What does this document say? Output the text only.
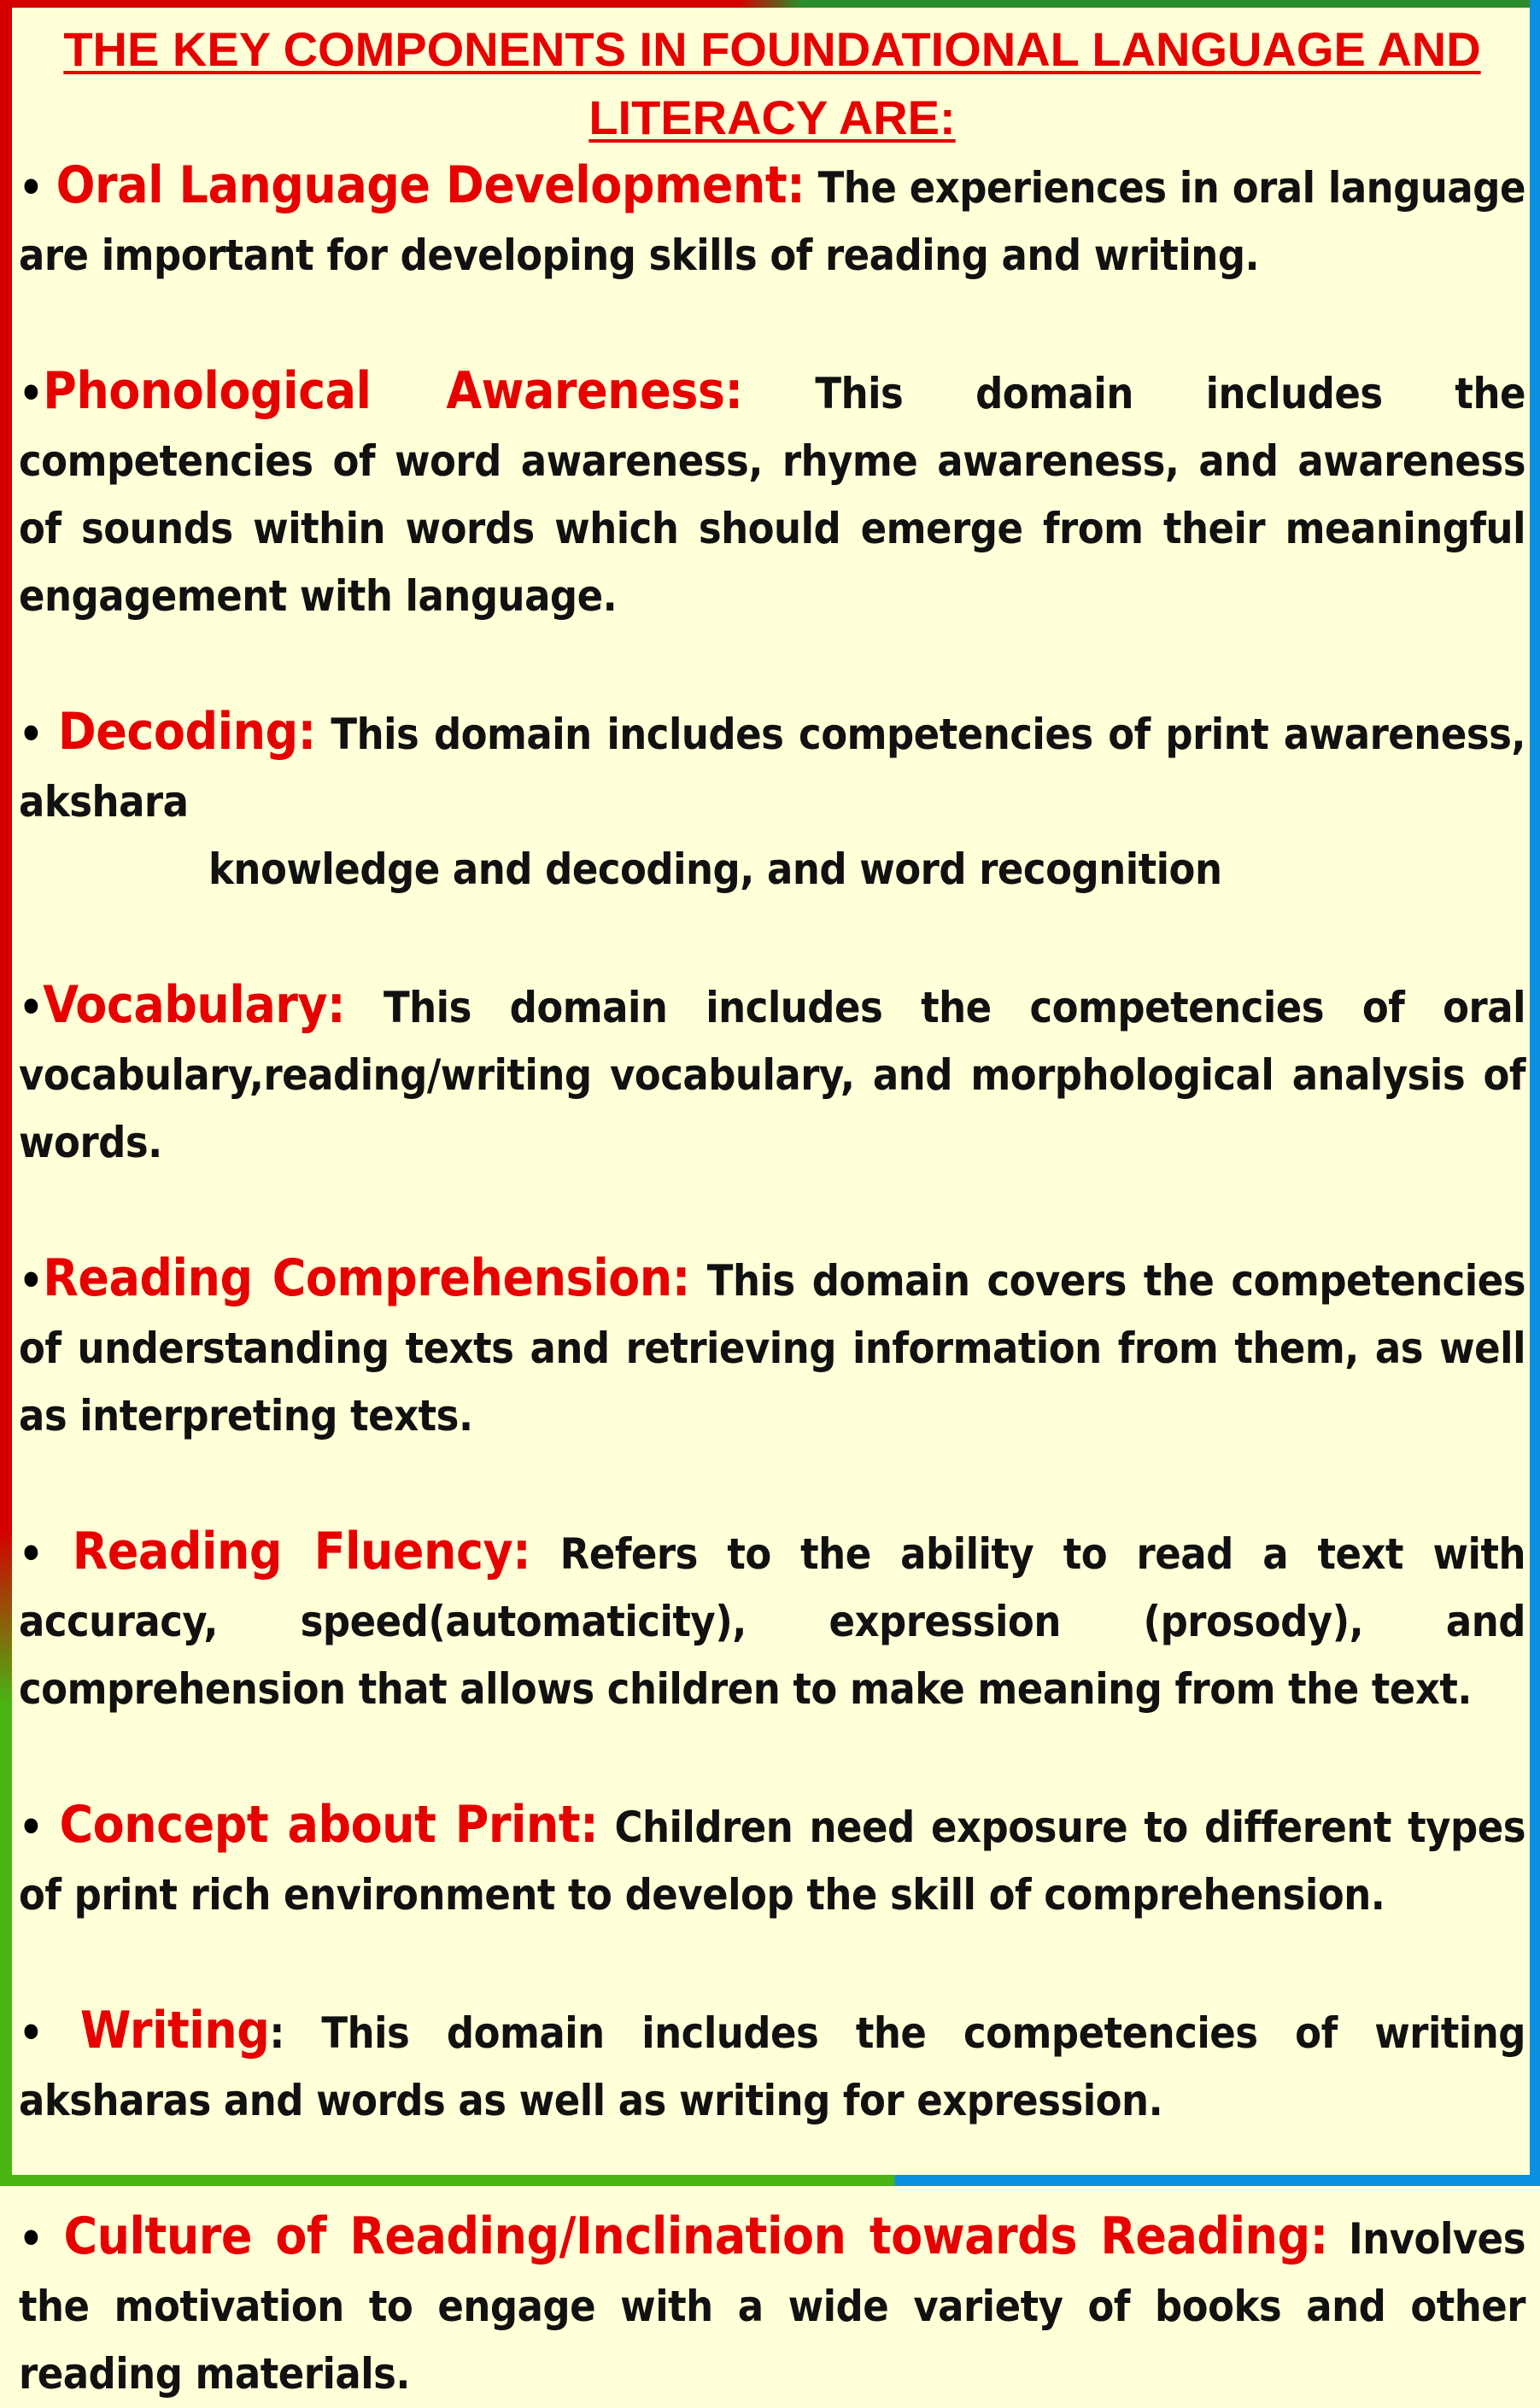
THE KEY COMPONENTS IN FOUNDATIONAL LANGUAGE AND LITERACY ARE:

• Oral Language Development: The experiences in oral language are important for developing skills of reading and writing.

•Phonological Awareness: This domain includes the competencies of word awareness, rhyme awareness, and awareness of sounds within words which should emerge from their meaningful engagement with language.

• Decoding: This domain includes competencies of print awareness, akshara
knowledge and decoding, and word recognition

•Vocabulary: This domain includes the competencies of oral vocabulary,reading/writing vocabulary, and morphological analysis of words.

•Reading Comprehension: This domain covers the competencies of understanding texts and retrieving information from them, as well as interpreting texts.

• Reading Fluency: Refers to the ability to read a text with accuracy, speed(automaticity), expression (prosody), and comprehension that allows children to make meaning from the text.

• Concept about Print: Children need exposure to different types of print rich environment to develop the skill of comprehension.

• Writing: This domain includes the competencies of writing aksharas and words as well as writing for expression.

• Culture of Reading/Inclination towards Reading: Involves the motivation to engage with a wide variety of books and other reading materials.
